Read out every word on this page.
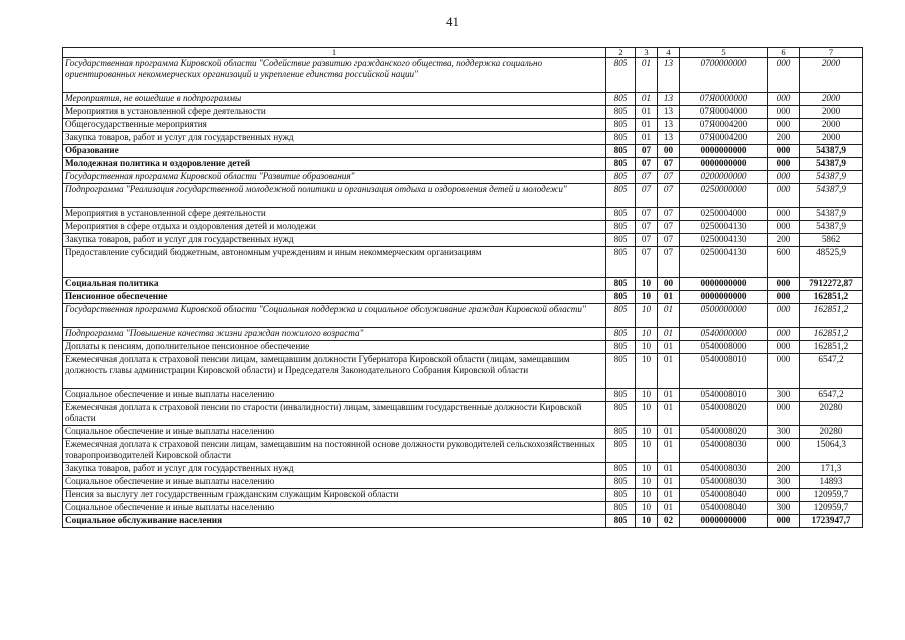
41
1	2	3	4	5	6	7
Государственная программа Кировской области "Содействие развитию гражданского общества, поддержка социально ориентированных некоммерческих организаций и укрепление единства российской нации"	805	01	13	0700000000	000	2000
Мероприятия, не вошедшие в подпрограммы	805	01	13	07Я0000000	000	2000
Мероприятия в установленной сфере деятельности	805	01	13	07Я0004000	000	2000
Общегосударственные мероприятия	805	01	13	07Я0004200	000	2000
Закупка товаров, работ и услуг для государственных нужд	805	01	13	07Я0004200	200	2000
Образование	805	07	00	0000000000	000	54387,9
Молодежная политика и оздоровление детей	805	07	07	0000000000	000	54387,9
Государственная программа Кировской области "Развитие образования"	805	07	07	0200000000	000	54387,9
Подпрограмма "Реализация государственной молодежной политики и организация отдыха и оздоровления детей и молодежи"	805	07	07	0250000000	000	54387,9
Мероприятия в установленной сфере деятельности	805	07	07	0250004000	000	54387,9
Мероприятия в сфере отдыха и оздоровления детей и молодежи	805	07	07	0250004130	000	54387,9
Закупка товаров, работ и услуг для государственных нужд	805	07	07	0250004130	200	5862
Предоставление субсидий бюджетным, автономным учреждениям и иным некоммерческим организациям	805	07	07	0250004130	600	48525,9
Социальная политика	805	10	00	0000000000	000	7912272,87
Пенсионное обеспечение	805	10	01	0000000000	000	162851,2
Государственная программа Кировской области "Социальная поддержка и социальное обслуживание граждан Кировской области"	805	10	01	0500000000	000	162851,2
Подпрограмма "Повышение качества жизни граждан пожилого возраста"	805	10	01	0540000000	000	162851,2
Доплаты к пенсиям, дополнительное пенсионное обеспечение	805	10	01	0540008000	000	162851,2
Ежемесячная доплата к страховой пенсии лицам, замещавшим должности Губернатора Кировской области (лицам, замещавшим должность главы администрации Кировской области) и Председателя Законодательного Собрания Кировской области	805	10	01	0540008010	000	6547,2
Социальное обеспечение и иные выплаты населению	805	10	01	0540008010	300	6547,2
Ежемесячная доплата к страховой пенсии по старости (инвалидности) лицам, замещавшим государственные должности Кировской области	805	10	01	0540008020	000	20280
Социальное обеспечение и иные выплаты населению	805	10	01	0540008020	300	20280
Ежемесячная доплата к страховой пенсии лицам, замещавшим на постоянной основе должности руководителей сельскохозяйственных товаропроизводителей Кировской области	805	10	01	0540008030	000	15064,3
Закупка товаров, работ и услуг для государственных нужд	805	10	01	0540008030	200	171,3
Социальное обеспечение и иные выплаты населению	805	10	01	0540008030	300	14893
Пенсия за выслугу лет государственным гражданским служащим Кировской области	805	10	01	0540008040	000	120959,7
Социальное обеспечение и иные выплаты населению	805	10	01	0540008040	300	120959,7
Социальное обслуживание населения	805	10	02	0000000000	000	1723947,7
